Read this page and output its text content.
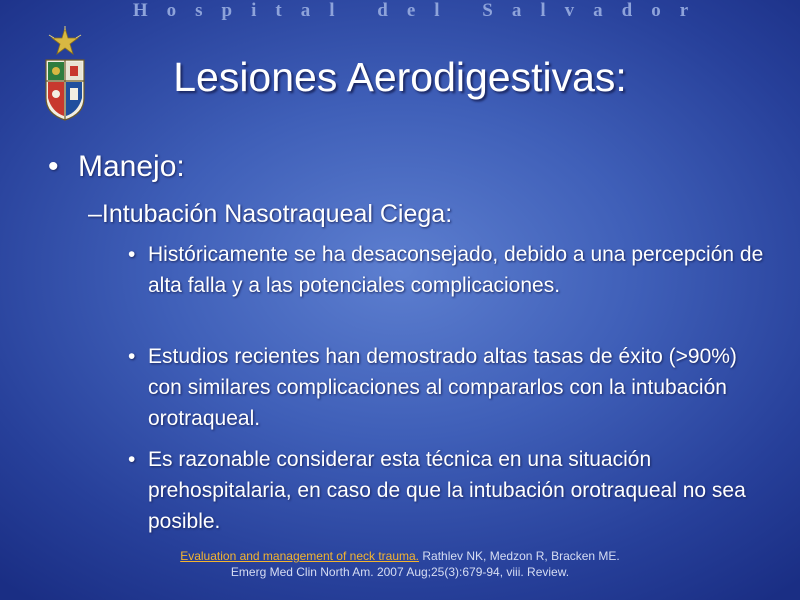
Hospital del Salvador
Lesiones Aerodigestivas:
• Manejo:
–Intubación Nasotraqueal Ciega:
• Históricamente se ha desaconsejado, debido a una percepción de alta falla y a las potenciales complicaciones.
• Estudios recientes han demostrado altas tasas de éxito (>90%) con similares complicaciones al compararlos con la intubación orotraqueal.
• Es razonable considerar esta técnica en una situación prehospitalaria, en caso de que la intubación orotraqueal no sea posible.
Evaluation and management of neck trauma. Rathlev NK, Medzon R, Bracken ME.
Emerg Med Clin North Am. 2007 Aug;25(3):679-94, viii. Review.
